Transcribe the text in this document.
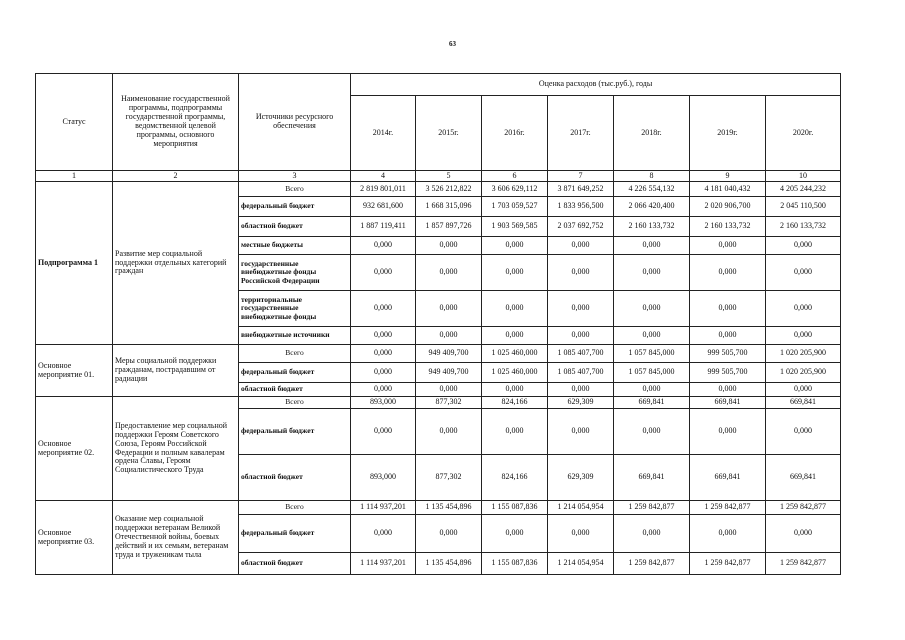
63
Статус	Наименование государственной программы, подпрограммы государственной программы, ведомственной целевой программы, основного мероприятия	Источники ресурсного обеспечения	Оценка расходов (тыс.руб.), годы						
			2014г.	2015г.	2016г.	2017г.	2018г.	2019г.	2020г.
1	2	3	4	5	6	7	8	9	10
Подпрограмма 1	Развитие мер социальной поддержки отдельных категорий граждан	Всего	2 819 801,011	3 526 212,822	3 606 629,112	3 871 649,252	4 226 554,132	4 181 040,432	4 205 244,232
		федеральный бюджет	932 681,600	1 668 315,096	1 703 059,527	1 833 956,500	2 066 420,400	2 020 906,700	2 045 110,500
		областной бюджет	1 887 119,411	1 857 897,726	1 903 569,585	2 037 692,752	2 160 133,732	2 160 133,732	2 160 133,732
		местные бюджеты	0,000	0,000	0,000	0,000	0,000	0,000	0,000
		государственные внебюджетные фонды Российской Федерации	0,000	0,000	0,000	0,000	0,000	0,000	0,000
		территориальные государственные внебюджетные фонды	0,000	0,000	0,000	0,000	0,000	0,000	0,000
		внебюджетные источники	0,000	0,000	0,000	0,000	0,000	0,000	0,000
Основное мероприятие 01.	Меры социальной поддержки гражданам, пострадавшим от радиации	Всего	0,000	949 409,700	1 025 460,000	1 085 407,700	1 057 845,000	999 505,700	1 020 205,900
		федеральный бюджет	0,000	949 409,700	1 025 460,000	1 085 407,700	1 057 845,000	999 505,700	1 020 205,900
		областной бюджет	0,000	0,000	0,000	0,000	0,000	0,000	0,000
Основное мероприятие 02.	Предоставление мер социальной поддержки Героям Советского Союза, Героям Российской Федерации и полным кавалерам ордена Славы, Героям Социалистического Труда	Всего	893,000	877,302	824,166	629,309	669,841	669,841	669,841
		федеральный бюджет	0,000	0,000	0,000	0,000	0,000	0,000	0,000
		областной бюджет	893,000	877,302	824,166	629,309	669,841	669,841	669,841
Основное мероприятие 03.	Оказание мер социальной поддержки ветеранам Великой Отечественной войны, боевых действий и их семьям, ветеранам труда и труженикам тыла	Всего	1 114 937,201	1 135 454,896	1 155 087,836	1 214 054,954	1 259 842,877	1 259 842,877	1 259 842,877
		федеральный бюджет	0,000	0,000	0,000	0,000	0,000	0,000	0,000
		областной бюджет	1 114 937,201	1 135 454,896	1 155 087,836	1 214 054,954	1 259 842,877	1 259 842,877	1 259 842,877
